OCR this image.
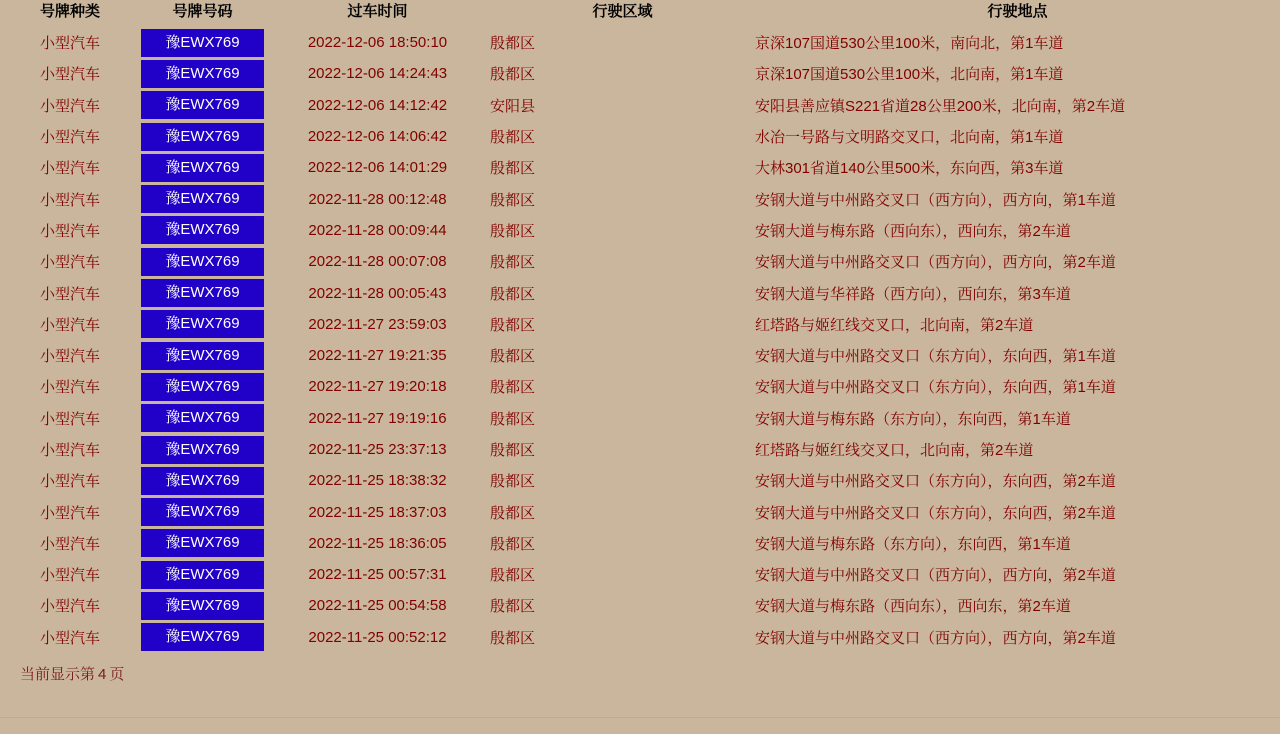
号牌种类	号牌号码	过车时间	行驶区域	行驶地点
小型汽车	豫EWX769	2022-12-06 18:50:10	殷都区	京深107国道530公里100米，南向北，第1车道
小型汽车	豫EWX769	2022-12-06 14:24:43	殷都区	京深107国道530公里100米，北向南，第1车道
小型汽车	豫EWX769	2022-12-06 14:12:42	安阳县	安阳县善应镇S221省道28公里200米，北向南，第2车道
小型汽车	豫EWX769	2022-12-06 14:06:42	殷都区	水冶一号路与文明路交叉口，北向南，第1车道
小型汽车	豫EWX769	2022-12-06 14:01:29	殷都区	大林301省道140公里500米，东向西，第3车道
小型汽车	豫EWX769	2022-11-28 00:12:48	殷都区	安钢大道与中州路交叉口（西方向），西方向，第1车道
小型汽车	豫EWX769	2022-11-28 00:09:44	殷都区	安钢大道与梅东路（西向东），西向东，第2车道
小型汽车	豫EWX769	2022-11-28 00:07:08	殷都区	安钢大道与中州路交叉口（西方向），西方向，第2车道
小型汽车	豫EWX769	2022-11-28 00:05:43	殷都区	安钢大道与华祥路（西方向），西向东，第3车道
小型汽车	豫EWX769	2022-11-27 23:59:03	殷都区	红塔路与姬红线交叉口，北向南，第2车道
小型汽车	豫EWX769	2022-11-27 19:21:35	殷都区	安钢大道与中州路交叉口（东方向），东向西，第1车道
小型汽车	豫EWX769	2022-11-27 19:20:18	殷都区	安钢大道与中州路交叉口（东方向），东向西，第1车道
小型汽车	豫EWX769	2022-11-27 19:19:16	殷都区	安钢大道与梅东路（东方向），东向西，第1车道
小型汽车	豫EWX769	2022-11-25 23:37:13	殷都区	红塔路与姬红线交叉口，北向南，第2车道
小型汽车	豫EWX769	2022-11-25 18:38:32	殷都区	安钢大道与中州路交叉口（东方向），东向西，第2车道
小型汽车	豫EWX769	2022-11-25 18:37:03	殷都区	安钢大道与中州路交叉口（东方向），东向西，第2车道
小型汽车	豫EWX769	2022-11-25 18:36:05	殷都区	安钢大道与梅东路（东方向），东向西，第1车道
小型汽车	豫EWX769	2022-11-25 00:57:31	殷都区	安钢大道与中州路交叉口（西方向），西方向，第2车道
小型汽车	豫EWX769	2022-11-25 00:54:58	殷都区	安钢大道与梅东路（西向东），西向东，第2车道
小型汽车	豫EWX769	2022-11-25 00:52:12	殷都区	安钢大道与中州路交叉口（西方向），西方向，第2车道
当前显示第 4 页
